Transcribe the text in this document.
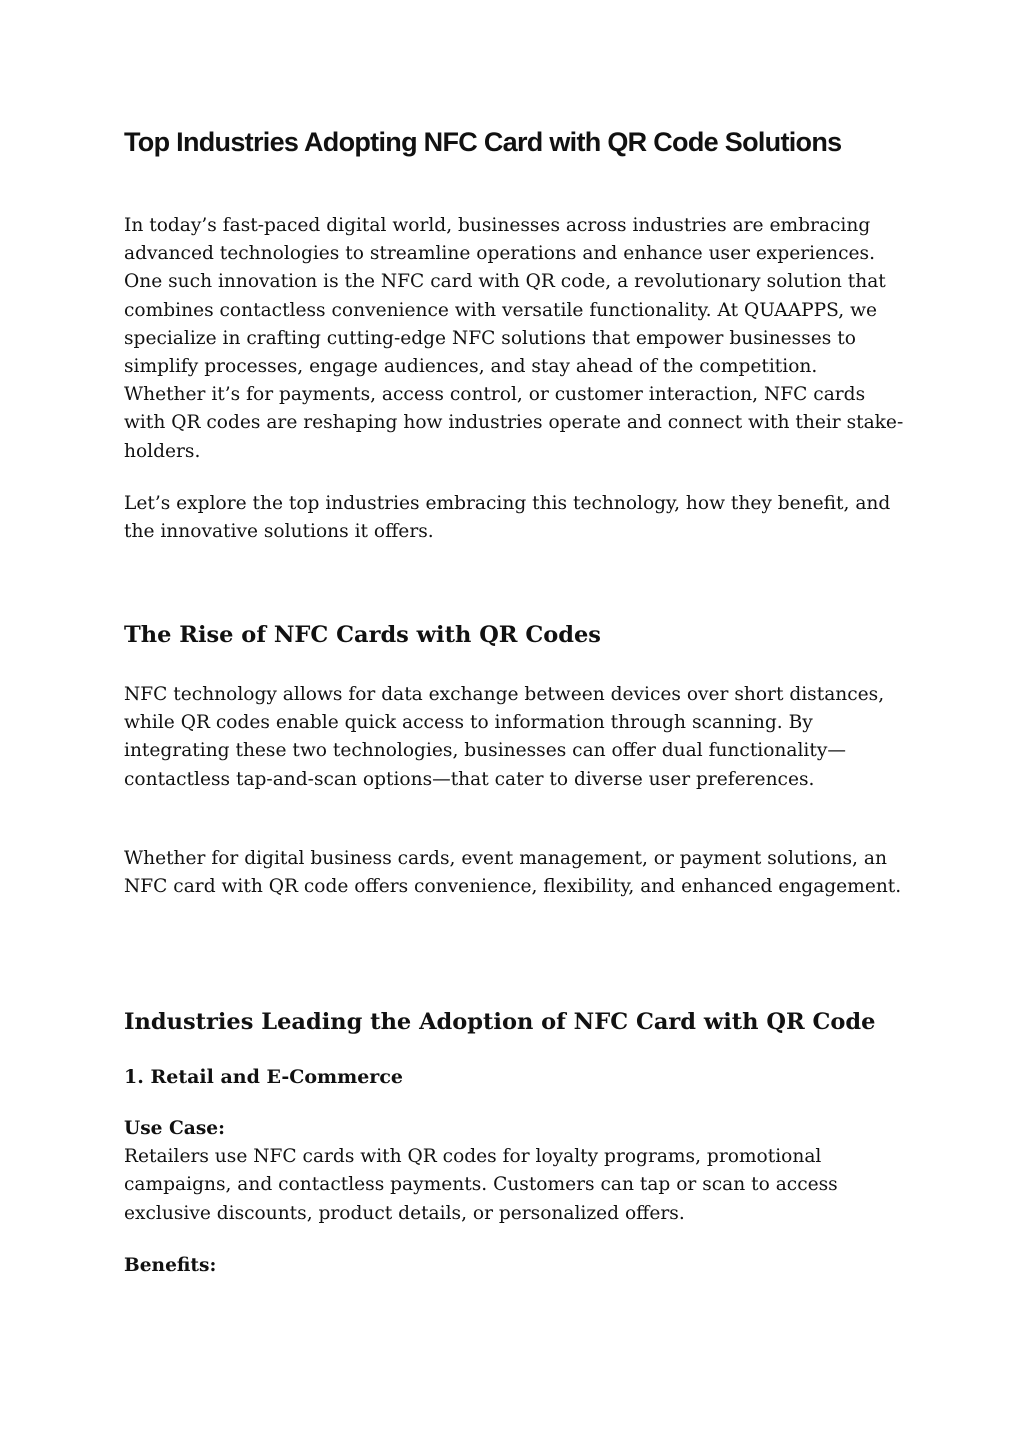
Top Industries Adopting NFC Card with QR Code Solutions

In today’s fast-paced digital world, businesses across industries are embracing advanced technologies to streamline operations and enhance user experiences. One such innovation is the NFC card with QR code, a revolutionary solution that combines contactless convenience with versatile functionality. At QUAAPPS, we specialize in crafting cutting-edge NFC solutions that empower businesses to simplify processes, engage audiences, and stay ahead of the competition. Whether it’s for payments, access control, or customer interaction, NFC cards with QR codes are reshaping how industries operate and connect with their stake-holders.

Let’s explore the top industries embracing this technology, how they benefit, and the innovative solutions it offers.

The Rise of NFC Cards with QR Codes

NFC technology allows for data exchange between devices over short distances, while QR codes enable quick access to information through scanning. By integrating these two technologies, businesses can offer dual functionality—contactless tap-and-scan options—that cater to diverse user preferences.

Whether for digital business cards, event management, or payment solutions, an NFC card with QR code offers convenience, flexibility, and enhanced engagement.

Industries Leading the Adoption of NFC Card with QR Code
1. Retail and E-Commerce
Use Case:
Retailers use NFC cards with QR codes for loyalty programs, promotional campaigns, and contactless payments. Customers can tap or scan to access exclusive discounts, product details, or personalized offers.
Benefits:
